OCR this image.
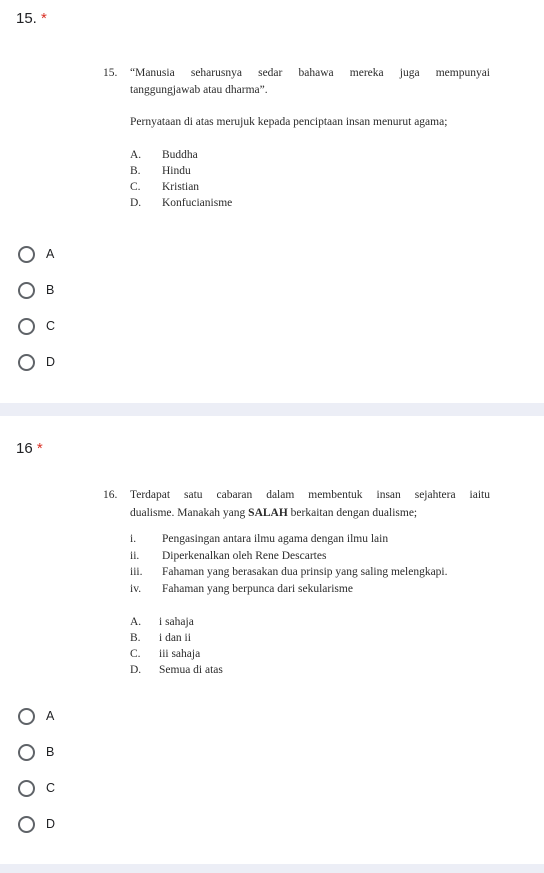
15. *
15. “Manusia seharusnya sedar bahawa mereka juga mempunyai
tanggungjawab atau dharma”.
Pernyataan di atas merujuk kepada penciptaan insan menurut agama;
A. Buddha
B. Hindu
C. Kristian
D. Konfucianisme
A
B
C
D
16 *
16. Terdapat satu cabaran dalam membentuk insan sejahtera iaitu
dualisme. Manakah yang SALAH berkaitan dengan dualisme;
i. Pengasingan antara ilmu agama dengan ilmu lain
ii. Diperkenalkan oleh Rene Descartes
iii. Fahaman yang berasakan dua prinsip yang saling melengkapi.
iv. Fahaman yang berpunca dari sekularisme
A. i sahaja
B. i dan ii
C. iii sahaja
D. Semua di atas
A
B
C
D
